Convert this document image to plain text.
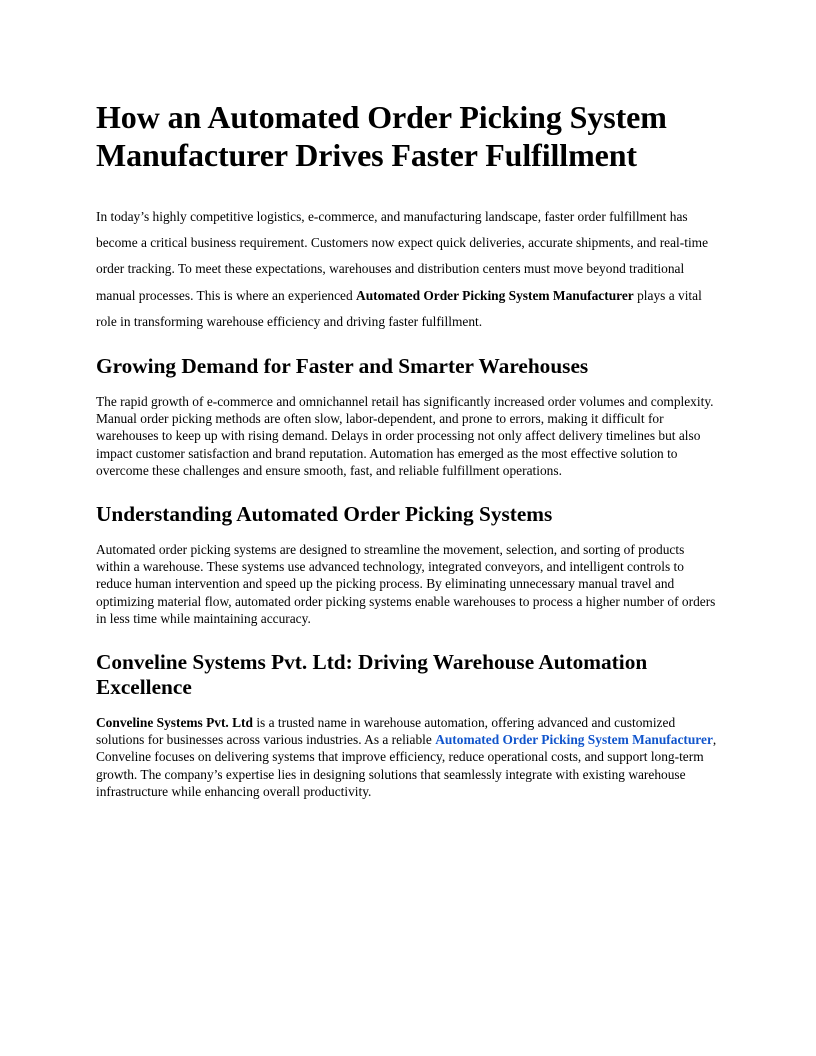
How an Automated Order Picking System Manufacturer Drives Faster Fulfillment

In today’s highly competitive logistics, e-commerce, and manufacturing landscape, faster order fulfillment has become a critical business requirement. Customers now expect quick deliveries, accurate shipments, and real-time order tracking. To meet these expectations, warehouses and distribution centers must move beyond traditional manual processes. This is where an experienced Automated Order Picking System Manufacturer plays a vital role in transforming warehouse efficiency and driving faster fulfillment.

Growing Demand for Faster and Smarter Warehouses

The rapid growth of e-commerce and omnichannel retail has significantly increased order volumes and complexity. Manual order picking methods are often slow, labor-dependent, and prone to errors, making it difficult for warehouses to keep up with rising demand. Delays in order processing not only affect delivery timelines but also impact customer satisfaction and brand reputation. Automation has emerged as the most effective solution to overcome these challenges and ensure smooth, fast, and reliable fulfillment operations.

Understanding Automated Order Picking Systems

Automated order picking systems are designed to streamline the movement, selection, and sorting of products within a warehouse. These systems use advanced technology, integrated conveyors, and intelligent controls to reduce human intervention and speed up the picking process. By eliminating unnecessary manual travel and optimizing material flow, automated order picking systems enable warehouses to process a higher number of orders in less time while maintaining accuracy.

Conveline Systems Pvt. Ltd: Driving Warehouse Automation Excellence

Conveline Systems Pvt. Ltd is a trusted name in warehouse automation, offering advanced and customized solutions for businesses across various industries. As a reliable Automated Order Picking System Manufacturer, Conveline focuses on delivering systems that improve efficiency, reduce operational costs, and support long-term growth. The company’s expertise lies in designing solutions that seamlessly integrate with existing warehouse infrastructure while enhancing overall productivity.
